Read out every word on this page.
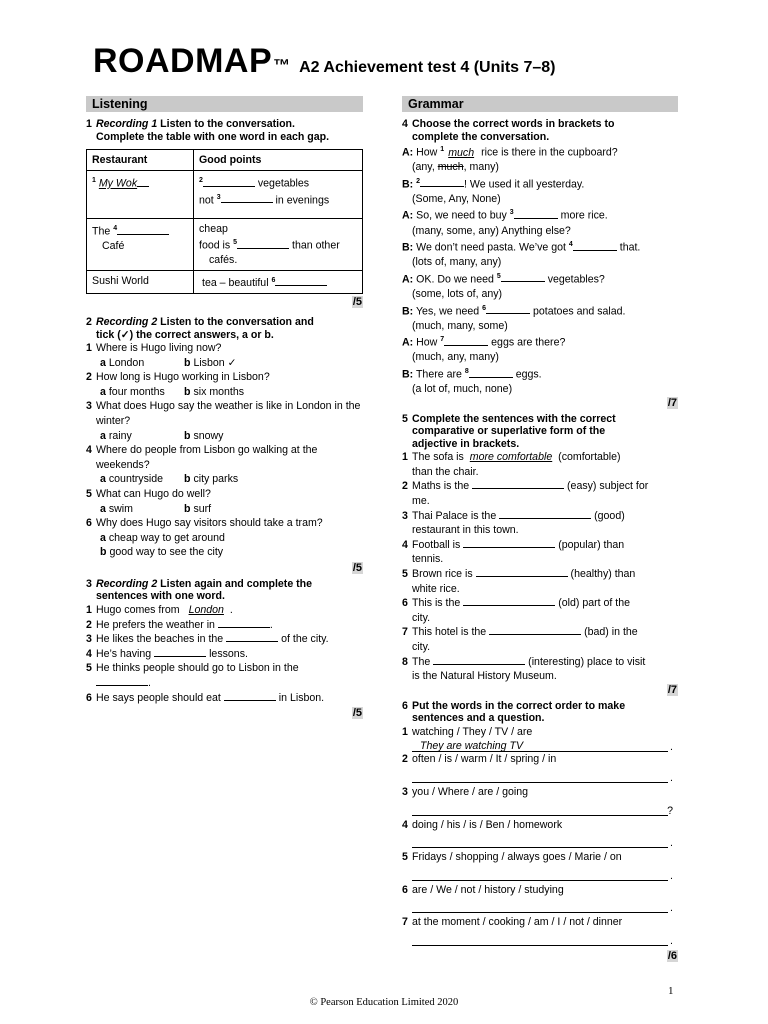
ROADMAP™ A2 Achievement test 4 (Units 7–8)
Listening
1 Recording 1 Listen to the conversation.
Complete the table with one word in each gap.
Restaurant	Good points
$^1$ My Wok	$^2$ vegetables
not $^3$ in evenings
The $^4$
Café	cheap
food is $^5$ than other
cafés.
Sushi World	tea – beautiful $^6$
/5
2 Recording 2 Listen to the conversation and
tick (✓) the correct answers, a or b.
1 Where is Hugo living now?
a London	b Lisbon ✓
2 How long is Hugo working in Lisbon?
a four months b six months
3 What does Hugo say the weather is like in London in the winter?
a rainy	b snowy
4 Where do people from Lisbon go walking at the weekends?
a countryside b city parks
5 What can Hugo do well?
a swim	b surf
6 Why does Hugo say visitors should take a tram?
a cheap way to get around
b good way to see the city
/5
3 Recording 2 Listen again and complete the
sentences with one word.
1 Hugo comes from London .
2 He prefers the weather in	.
3 He likes the beaches in the	of the city.
4 He’s having	lessons.
5 He thinks people should go to Lisbon in the
.
6 He says people should eat	in Lisbon.
/5
Grammar
4 Choose the correct words in brackets to
complete the conversation.
A: How $^1$ much rice is there in the cupboard?
(any, much, many)
B: $^2$	! We used it all yesterday.
(Some, Any, None)
A: So, we need to buy $^3$	more rice.
(many, some, any) Anything else?
B: We don’t need pasta. We’ve got $^4$	that.
(lots of, many, any)
A: OK. Do we need $^5$	vegetables?
(some, lots of, any)
B: Yes, we need $^6$	potatoes and salad.
(much, many, some)
A: How $^7$	eggs are there?
(much, any, many)
B: There are $^8$	eggs.
(a lot of, much, none)
/7
5 Complete the sentences with the correct
comparative or superlative form of the
adjective in brackets.
1 The sofa is more comfortable (comfortable)
than the chair.
2 Maths is the	(easy) subject for
me.
3 Thai Palace is the	(good)
restaurant in this town.
4 Football is	(popular) than
tennis.
5 Brown rice is	(healthy) than
white rice.
6 This is the	(old) part of the
city.
7 This hotel is the	(bad) in the
city.
8 The	(interesting) place to visit
is the Natural History Museum.
/7
6 Put the words in the correct order to make
sentences and a question.
1 watching / They / TV / are
They are watching TV	.
2 often / is / warm / It / spring / in
.
3 you / Where / are / going
?
4 doing / his / is / Ben / homework
.
5 Fridays / shopping / always goes / Marie / on
.
6 are / We / not / history / studying
.
7 at the moment / cooking / am / I / not / dinner
.
/6
1
© Pearson Education Limited 2020
